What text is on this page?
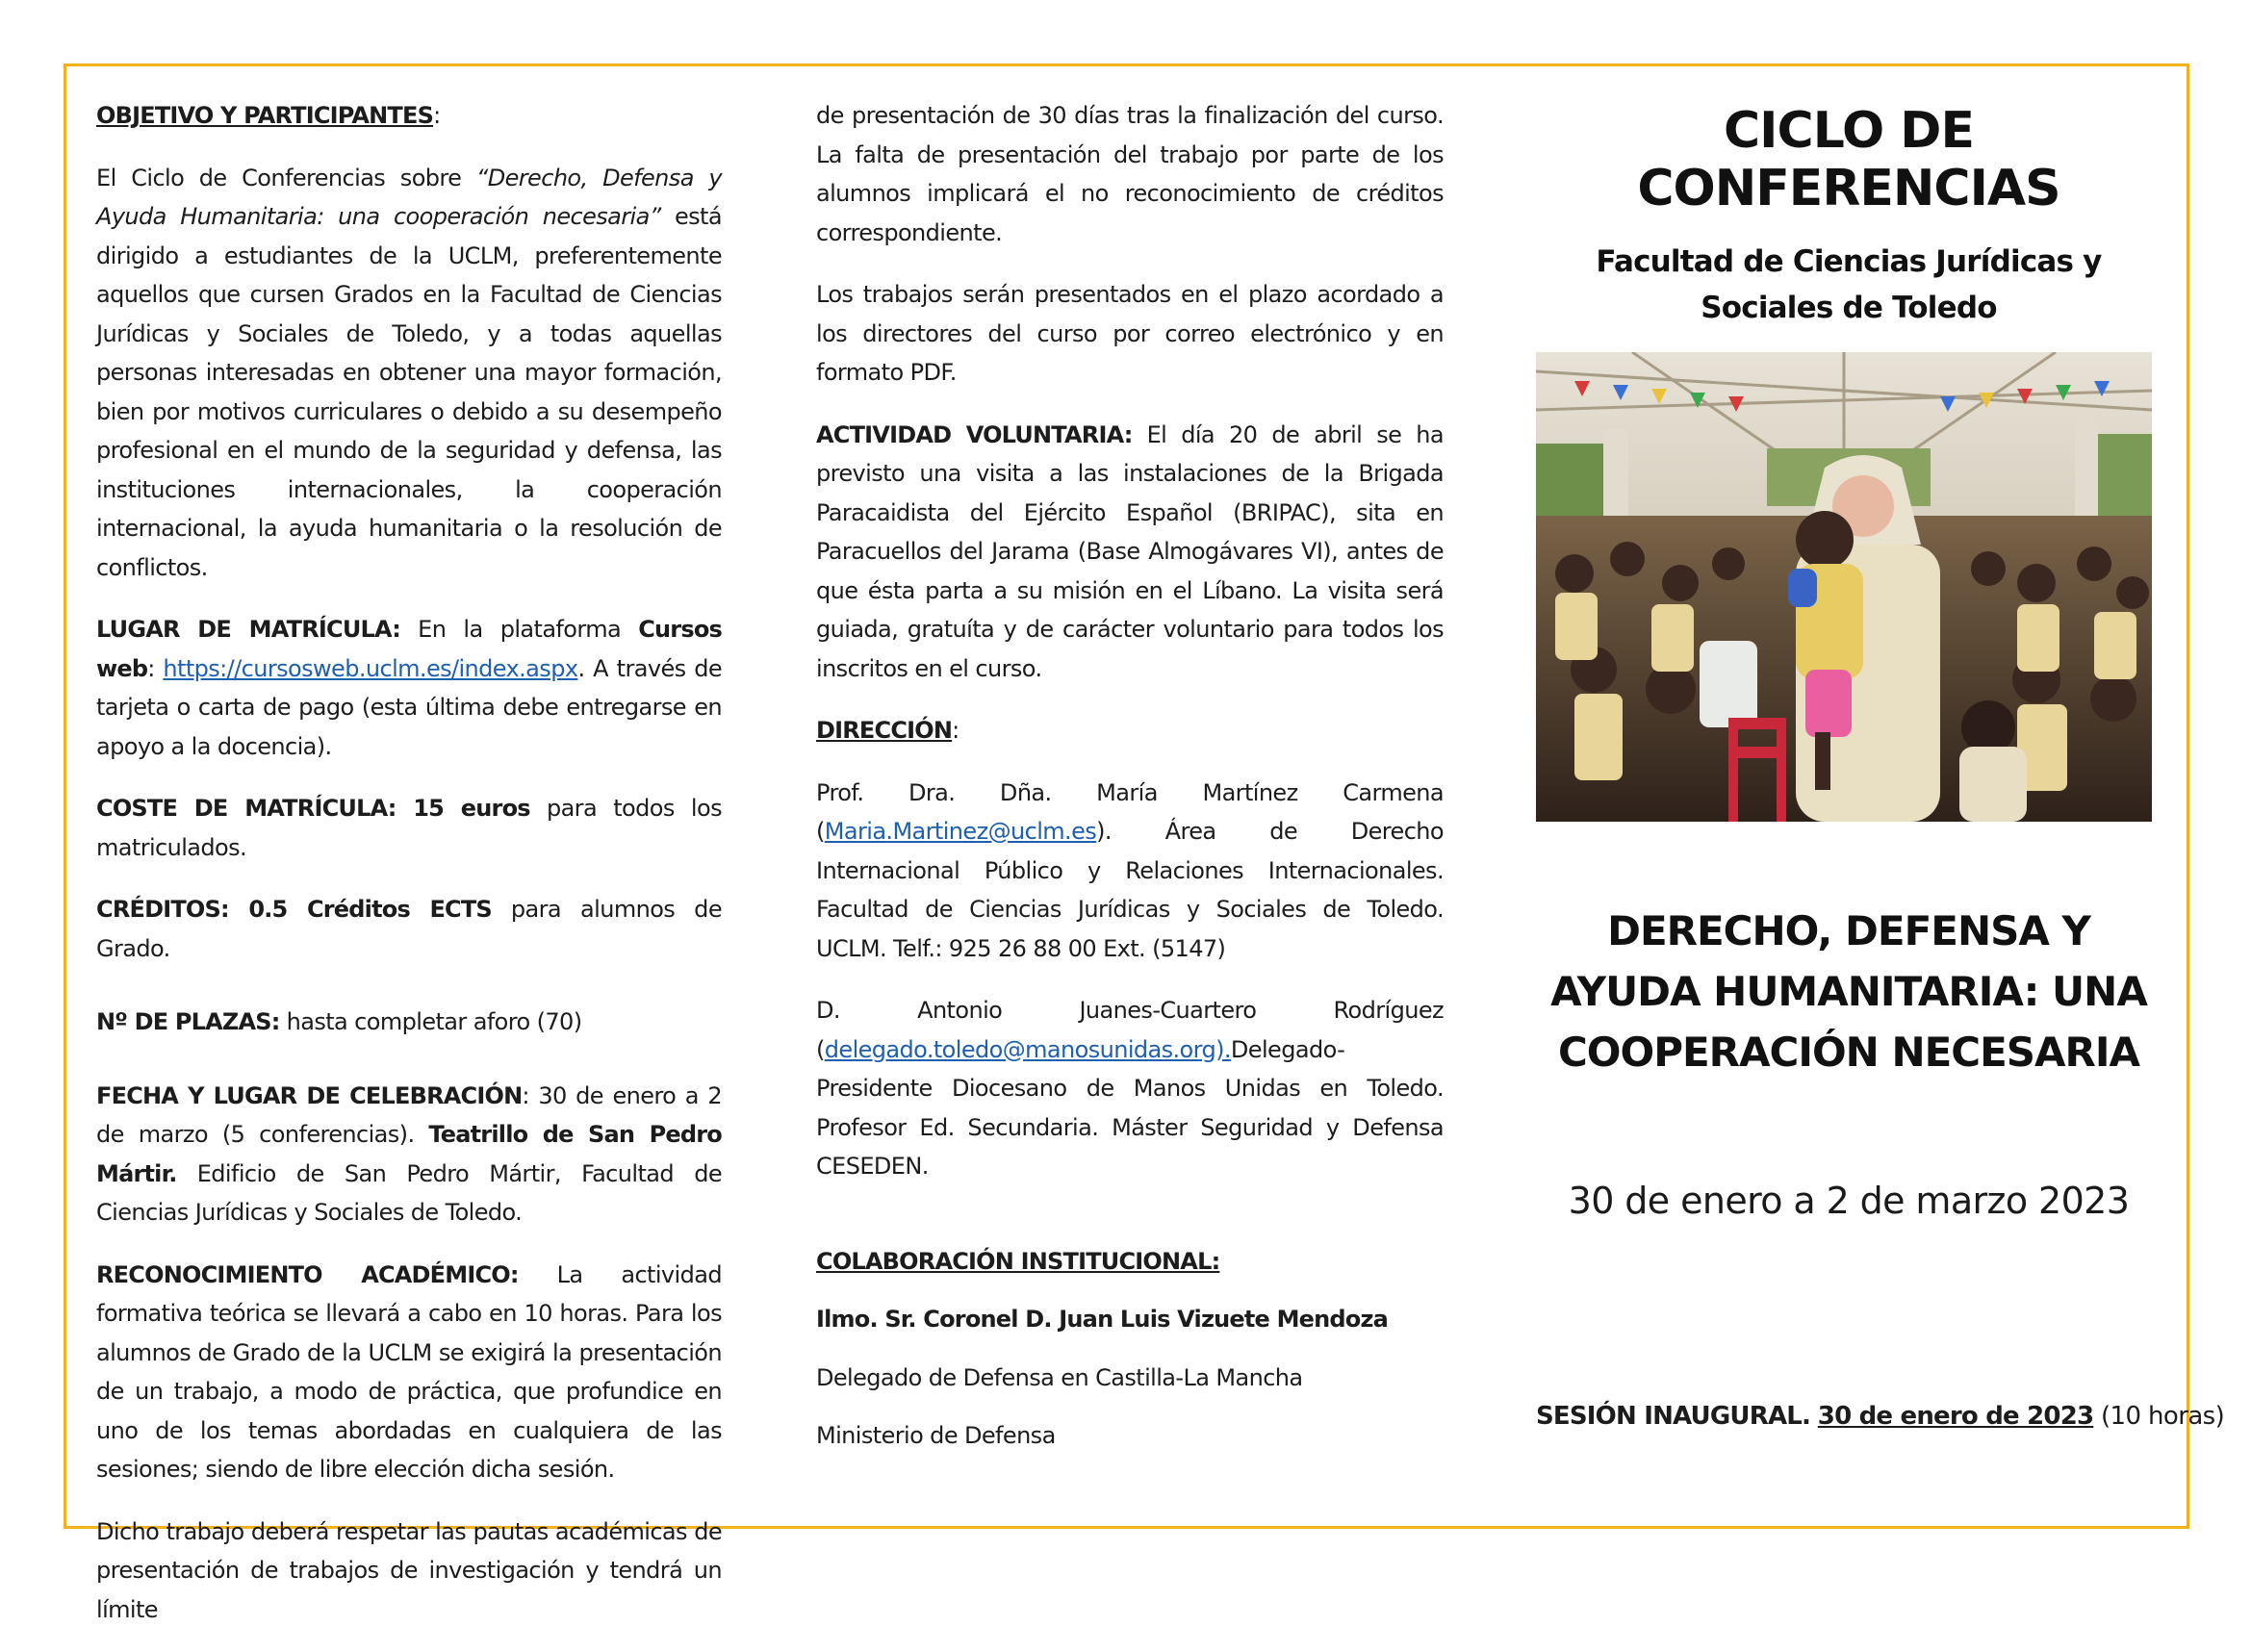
OBJETIVO Y PARTICIPANTES:

El Ciclo de Conferencias sobre “Derecho, Defensa y Ayuda Humanitaria: una cooperación necesaria” está dirigido a estudiantes de la UCLM, preferentemente aquellos que cursen Grados en la Facultad de Ciencias Jurídicas y Sociales de Toledo, y a todas aquellas personas interesadas en obtener una mayor formación, bien por motivos curriculares o debido a su desempeño profesional en el mundo de la seguridad y defensa, las instituciones internacionales, la cooperación internacional, la ayuda humanitaria o la resolución de conflictos.

LUGAR DE MATRÍCULA: En la plataforma Cursos web: https://cursosweb.uclm.es/index.aspx. A través de tarjeta o carta de pago (esta última debe entregarse en apoyo a la docencia).

COSTE DE MATRÍCULA: 15 euros para todos los matriculados.

CRÉDITOS: 0.5 Créditos ECTS para alumnos de Grado.

Nº DE PLAZAS: hasta completar aforo (70)

FECHA Y LUGAR DE CELEBRACIÓN: 30 de enero a 2 de marzo (5 conferencias). Teatrillo de San Pedro Mártir. Edificio de San Pedro Mártir, Facultad de Ciencias Jurídicas y Sociales de Toledo.

RECONOCIMIENTO ACADÉMICO: La actividad formativa teórica se llevará a cabo en 10 horas. Para los alumnos de Grado de la UCLM se exigirá la presentación de un trabajo, a modo de práctica, que profundice en uno de los temas abordadas en cualquiera de las sesiones; siendo de libre elección dicha sesión.

Dicho trabajo deberá respetar las pautas académicas de presentación de trabajos de investigación y tendrá un límite

de presentación de 30 días tras la finalización del curso. La falta de presentación del trabajo por parte de los alumnos implicará el no reconocimiento de créditos correspondiente.

Los trabajos serán presentados en el plazo acordado a los directores del curso por correo electrónico y en formato PDF.

ACTIVIDAD VOLUNTARIA: El día 20 de abril se ha previsto una visita a las instalaciones de la Brigada Paracaidista del Ejército Español (BRIPAC), sita en Paracuellos del Jarama (Base Almogávares VI), antes de que ésta parta a su misión en el Líbano. La visita será guiada, gratuíta y de carácter voluntario para todos los inscritos en el curso.

DIRECCIÓN:

Prof. Dra. Dña. María Martínez Carmena (Maria.Martinez@uclm.es). Área de Derecho Internacional Público y Relaciones Internacionales. Facultad de Ciencias Jurídicas y Sociales de Toledo. UCLM. Telf.: 925 26 88 00 Ext. (5147)

D. Antonio Juanes-Cuartero Rodríguez (delegado.toledo@manosunidas.org).Delegado-Presidente Diocesano de Manos Unidas en Toledo. Profesor Ed. Secundaria. Máster Seguridad y Defensa CESEDEN.

COLABORACIÓN INSTITUCIONAL:

Ilmo. Sr. Coronel D. Juan Luis Vizuete Mendoza

Delegado de Defensa en Castilla-La Mancha

Ministerio de Defensa

CICLO DE CONFERENCIAS
Facultad de Ciencias Jurídicas y Sociales de Toledo
DERECHO, DEFENSA Y AYUDA HUMANITARIA: UNA COOPERACIÓN NECESARIA
30 de enero a 2 de marzo 2023
SESIÓN INAUGURAL. 30 de enero de 2023 (10 horas)
